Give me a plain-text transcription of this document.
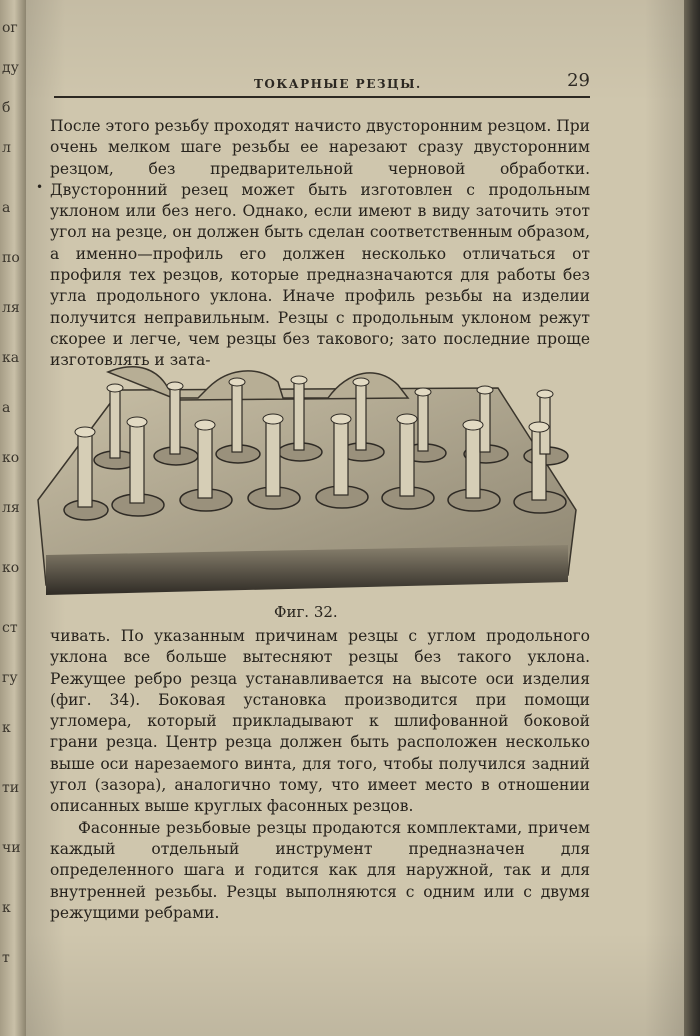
ог
ду
б
л
а
по
ля
ка
а
ко
ля
ко
ст
гу
к
ти
чи
к
т
ТОКАРНЫЕ РЕЗЦЫ.	29
•

После этого резьбу проходят начисто двусторонним резцом. При очень мелком шаге резьбы ее нарезают сразу двусторонним резцом, без предварительной черновой обработки. Двусторонний резец может быть изготовлен с продольным уклоном или без него. Однако, если имеют в виду заточить этот угол на резце, он должен быть сделан соответственным образом, а именно—профиль его должен несколько отличаться от профиля тех резцов, которые предназначаются для работы без угла продольного уклона. Иначе профиль резьбы на изделии получится неправильным. Резцы с продольным уклоном режут скорее и легче, чем резцы без такового; зато последние проще изготовлять и зата-

Фиг. 32.

чивать. По указанным причинам резцы с углом продольного уклона все больше вытесняют резцы без такого уклона. Режущее ребро резца устанавливается на высоте оси изделия (фиг. 34). Боковая установка производится при помощи угломера, который прикладывают к шлифованной боковой грани резца. Центр резца должен быть расположен несколько выше оси нарезаемого винта, для того, чтобы получился задний угол (зазора), аналогично тому, что имеет место в отношении описанных выше круглых фасонных резцов.

Фасонные резьбовые резцы продаются комплектами, причем каждый отдельный инструмент предназначен для определенного шага и годится как для наружной, так и для внутренней резьбы. Резцы выполняются с одним или с двумя режущими ребрами.
